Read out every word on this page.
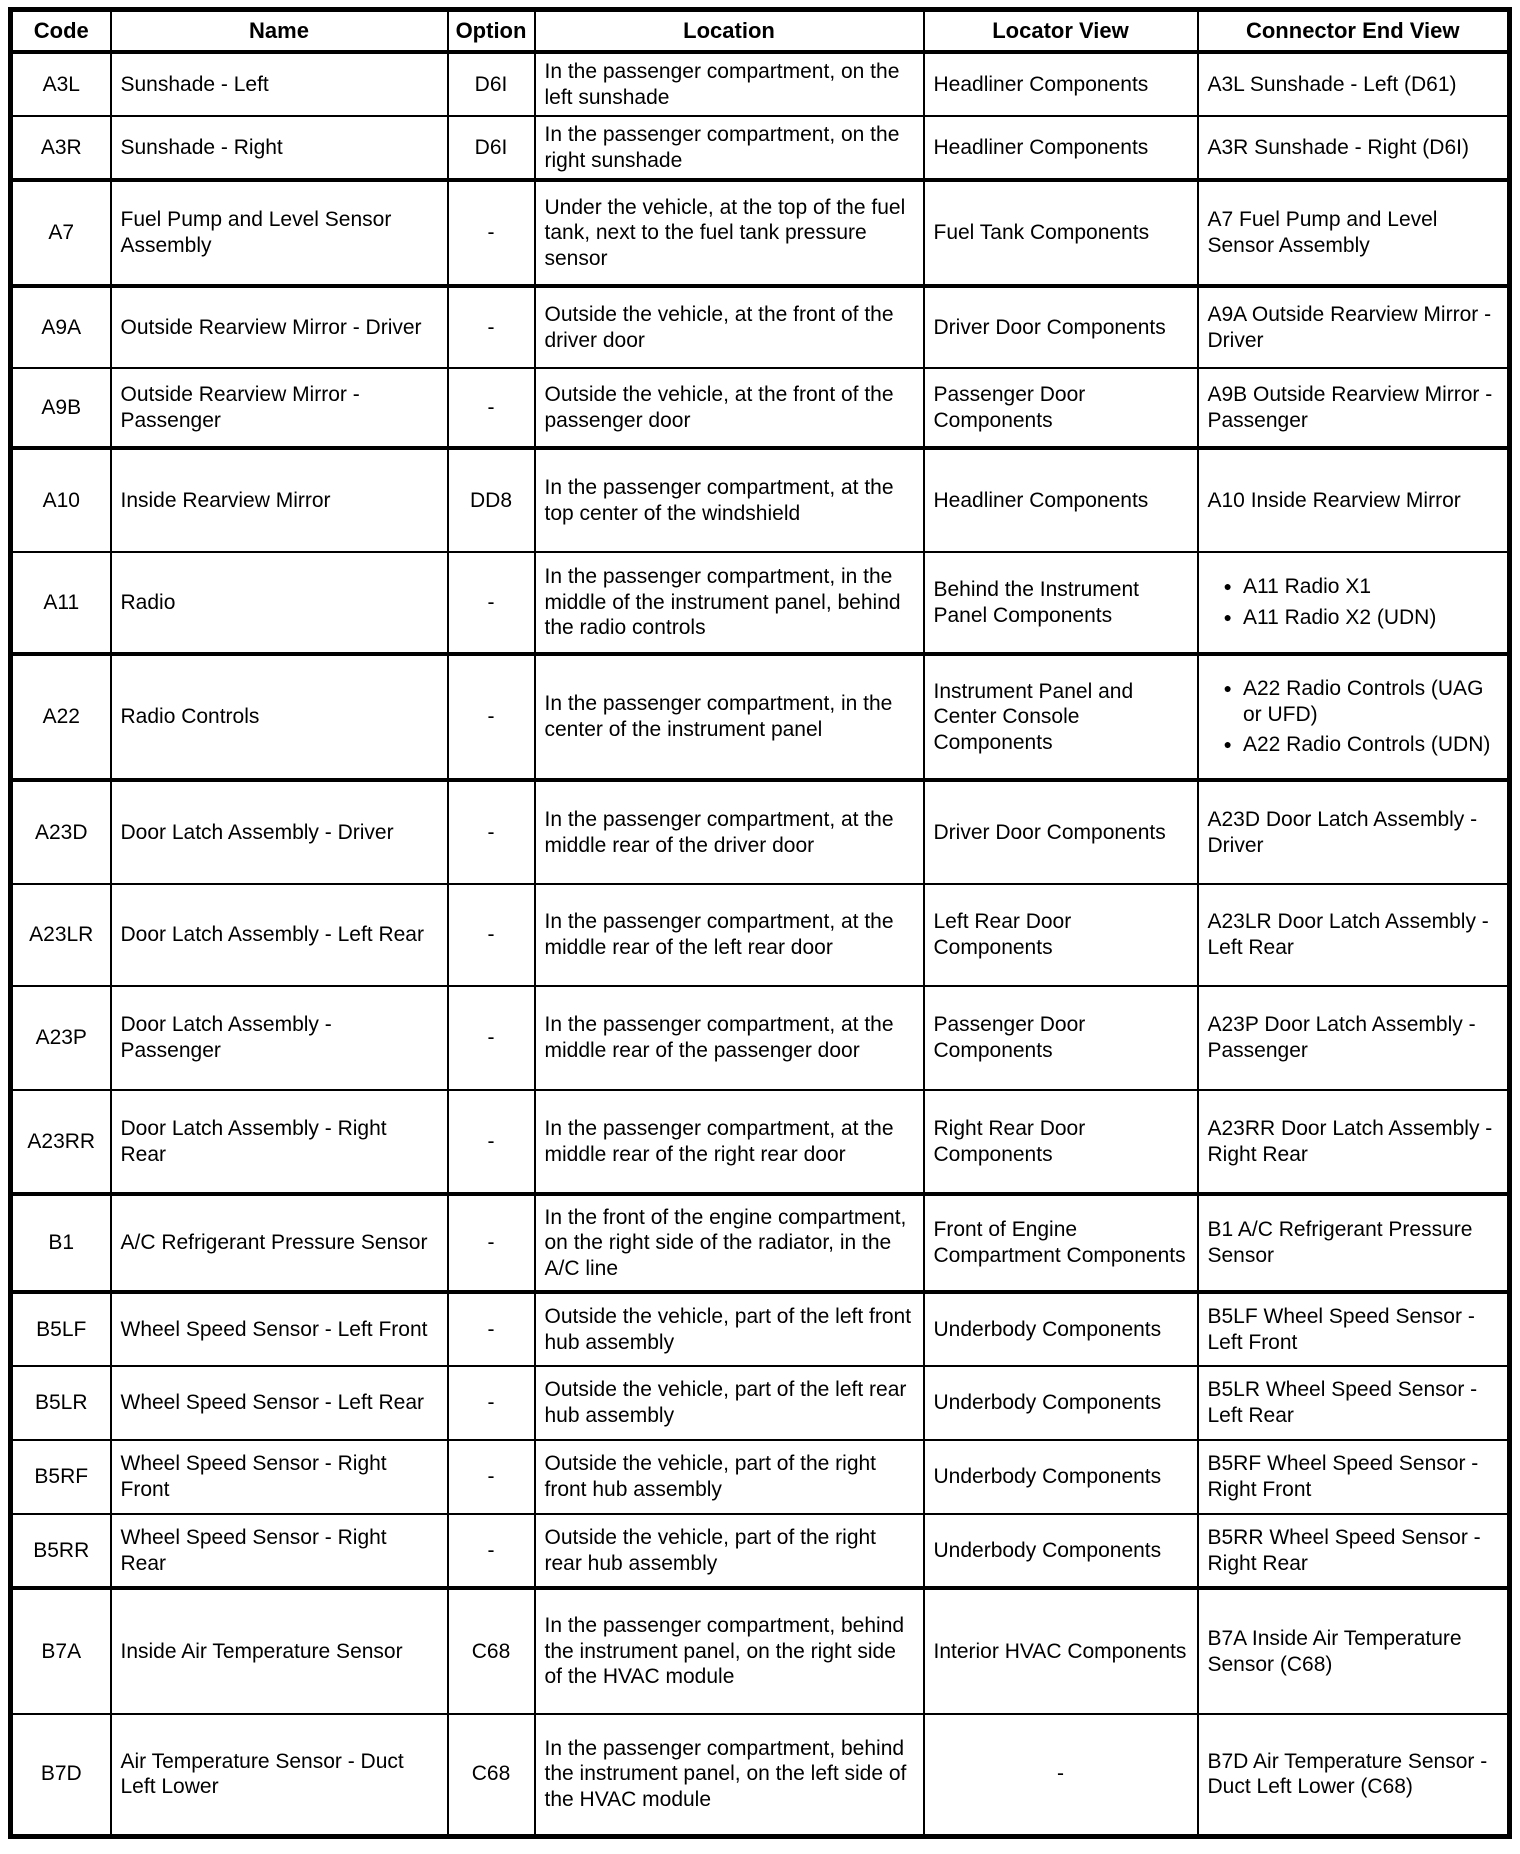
Code	Name	Option	Location	Locator View	Connector End View
A3L	Sunshade - Left	D6I	In the passenger compartment, on the left sunshade	Headliner Components	A3L Sunshade - Left (D61)
A3R	Sunshade - Right	D6I	In the passenger compartment, on the right sunshade	Headliner Components	A3R Sunshade - Right (D6I)
A7	Fuel Pump and Level Sensor Assembly	-	Under the vehicle, at the top of the fuel tank, next to the fuel tank pressure sensor	Fuel Tank Components	A7 Fuel Pump and Level Sensor Assembly
A9A	Outside Rearview Mirror - Driver	-	Outside the vehicle, at the front of the driver door	Driver Door Components	A9A Outside Rearview Mirror - Driver
A9B	Outside Rearview Mirror - Passenger	-	Outside the vehicle, at the front of the passenger door	Passenger Door Components	A9B Outside Rearview Mirror - Passenger
A10	Inside Rearview Mirror	DD8	In the passenger compartment, at the top center of the windshield	Headliner Components	A10 Inside Rearview Mirror
A11	Radio	-	In the passenger compartment, in the middle of the instrument panel, behind the radio controls	Behind the Instrument Panel Components	● A11 Radio X1
● A11 Radio X2 (UDN)

A22	Radio Controls	-	In the passenger compartment, in the center of the instrument panel	Instrument Panel and Center Console Components	● A22 Radio Controls (UAG or UFD)
● A22 Radio Controls (UDN)

A23D	Door Latch Assembly - Driver	-	In the passenger compartment, at the middle rear of the driver door	Driver Door Components	A23D Door Latch Assembly - Driver
A23LR	Door Latch Assembly - Left Rear	-	In the passenger compartment, at the middle rear of the left rear door	Left Rear Door Components	A23LR Door Latch Assembly - Left Rear
A23P	Door Latch Assembly - Passenger	-	In the passenger compartment, at the middle rear of the passenger door	Passenger Door Components	A23P Door Latch Assembly - Passenger
A23RR	Door Latch Assembly - Right Rear	-	In the passenger compartment, at the middle rear of the right rear door	Right Rear Door Components	A23RR Door Latch Assembly - Right Rear
B1	A/C Refrigerant Pressure Sensor	-	In the front of the engine compartment, on the right side of the radiator, in the A/C line	Front of Engine Compartment Components	B1 A/C Refrigerant Pressure Sensor
B5LF	Wheel Speed Sensor - Left Front	-	Outside the vehicle, part of the left front hub assembly	Underbody Components	B5LF Wheel Speed Sensor - Left Front
B5LR	Wheel Speed Sensor - Left Rear	-	Outside the vehicle, part of the left rear hub assembly	Underbody Components	B5LR Wheel Speed Sensor - Left Rear
B5RF	Wheel Speed Sensor - Right Front	-	Outside the vehicle, part of the right front hub assembly	Underbody Components	B5RF Wheel Speed Sensor - Right Front
B5RR	Wheel Speed Sensor - Right Rear	-	Outside the vehicle, part of the right rear hub assembly	Underbody Components	B5RR Wheel Speed Sensor - Right Rear
B7A	Inside Air Temperature Sensor	C68	In the passenger compartment, behind the instrument panel, on the right side of the HVAC module	Interior HVAC Components	B7A Inside Air Temperature Sensor (C68)
B7D	Air Temperature Sensor - Duct Left Lower	C68	In the passenger compartment, behind the instrument panel, on the left side of the HVAC module	-	B7D Air Temperature Sensor - Duct Left Lower (C68)
